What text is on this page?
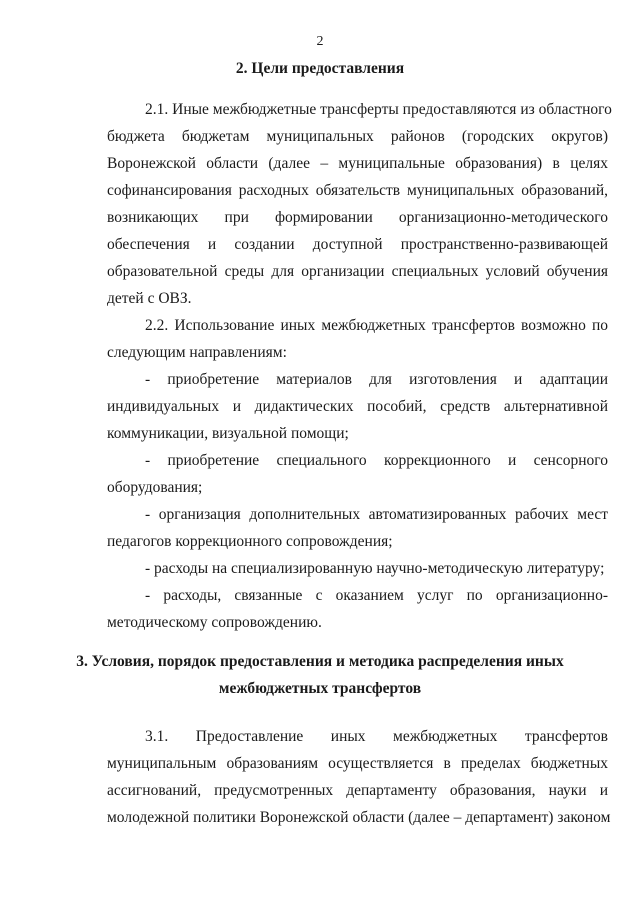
2
2. Цели предоставления
2.1. Иные межбюджетные трансферты предоставляются из областного
бюджета бюджетам муниципальных районов (городских округов)
Воронежской области (далее – муниципальные образования) в целях
софинансирования расходных обязательств муниципальных образований,
возникающих при формировании организационно-методического
обеспечения и создании доступной пространственно-развивающей
образовательной среды для организации специальных условий обучения
детей с ОВЗ.
2.2. Использование иных межбюджетных трансфертов возможно по
следующим направлениям:
- приобретение материалов для изготовления и адаптации
индивидуальных и дидактических пособий, средств альтернативной
коммуникации, визуальной помощи;
- приобретение специального коррекционного и сенсорного
оборудования;
- организация дополнительных автоматизированных рабочих мест
педагогов коррекционного сопровождения;
- расходы на специализированную научно-методическую литературу;
- расходы, связанные с оказанием услуг по организационно-
методическому сопровождению.
3. Условия, порядок предоставления и методика распределения иных
межбюджетных трансфертов
3.1. Предоставление иных межбюджетных трансфертов
муниципальным образованиям осуществляется в пределах бюджетных
ассигнований, предусмотренных департаменту образования, науки и
молодежной политики Воронежской области (далее – департамент) законом
